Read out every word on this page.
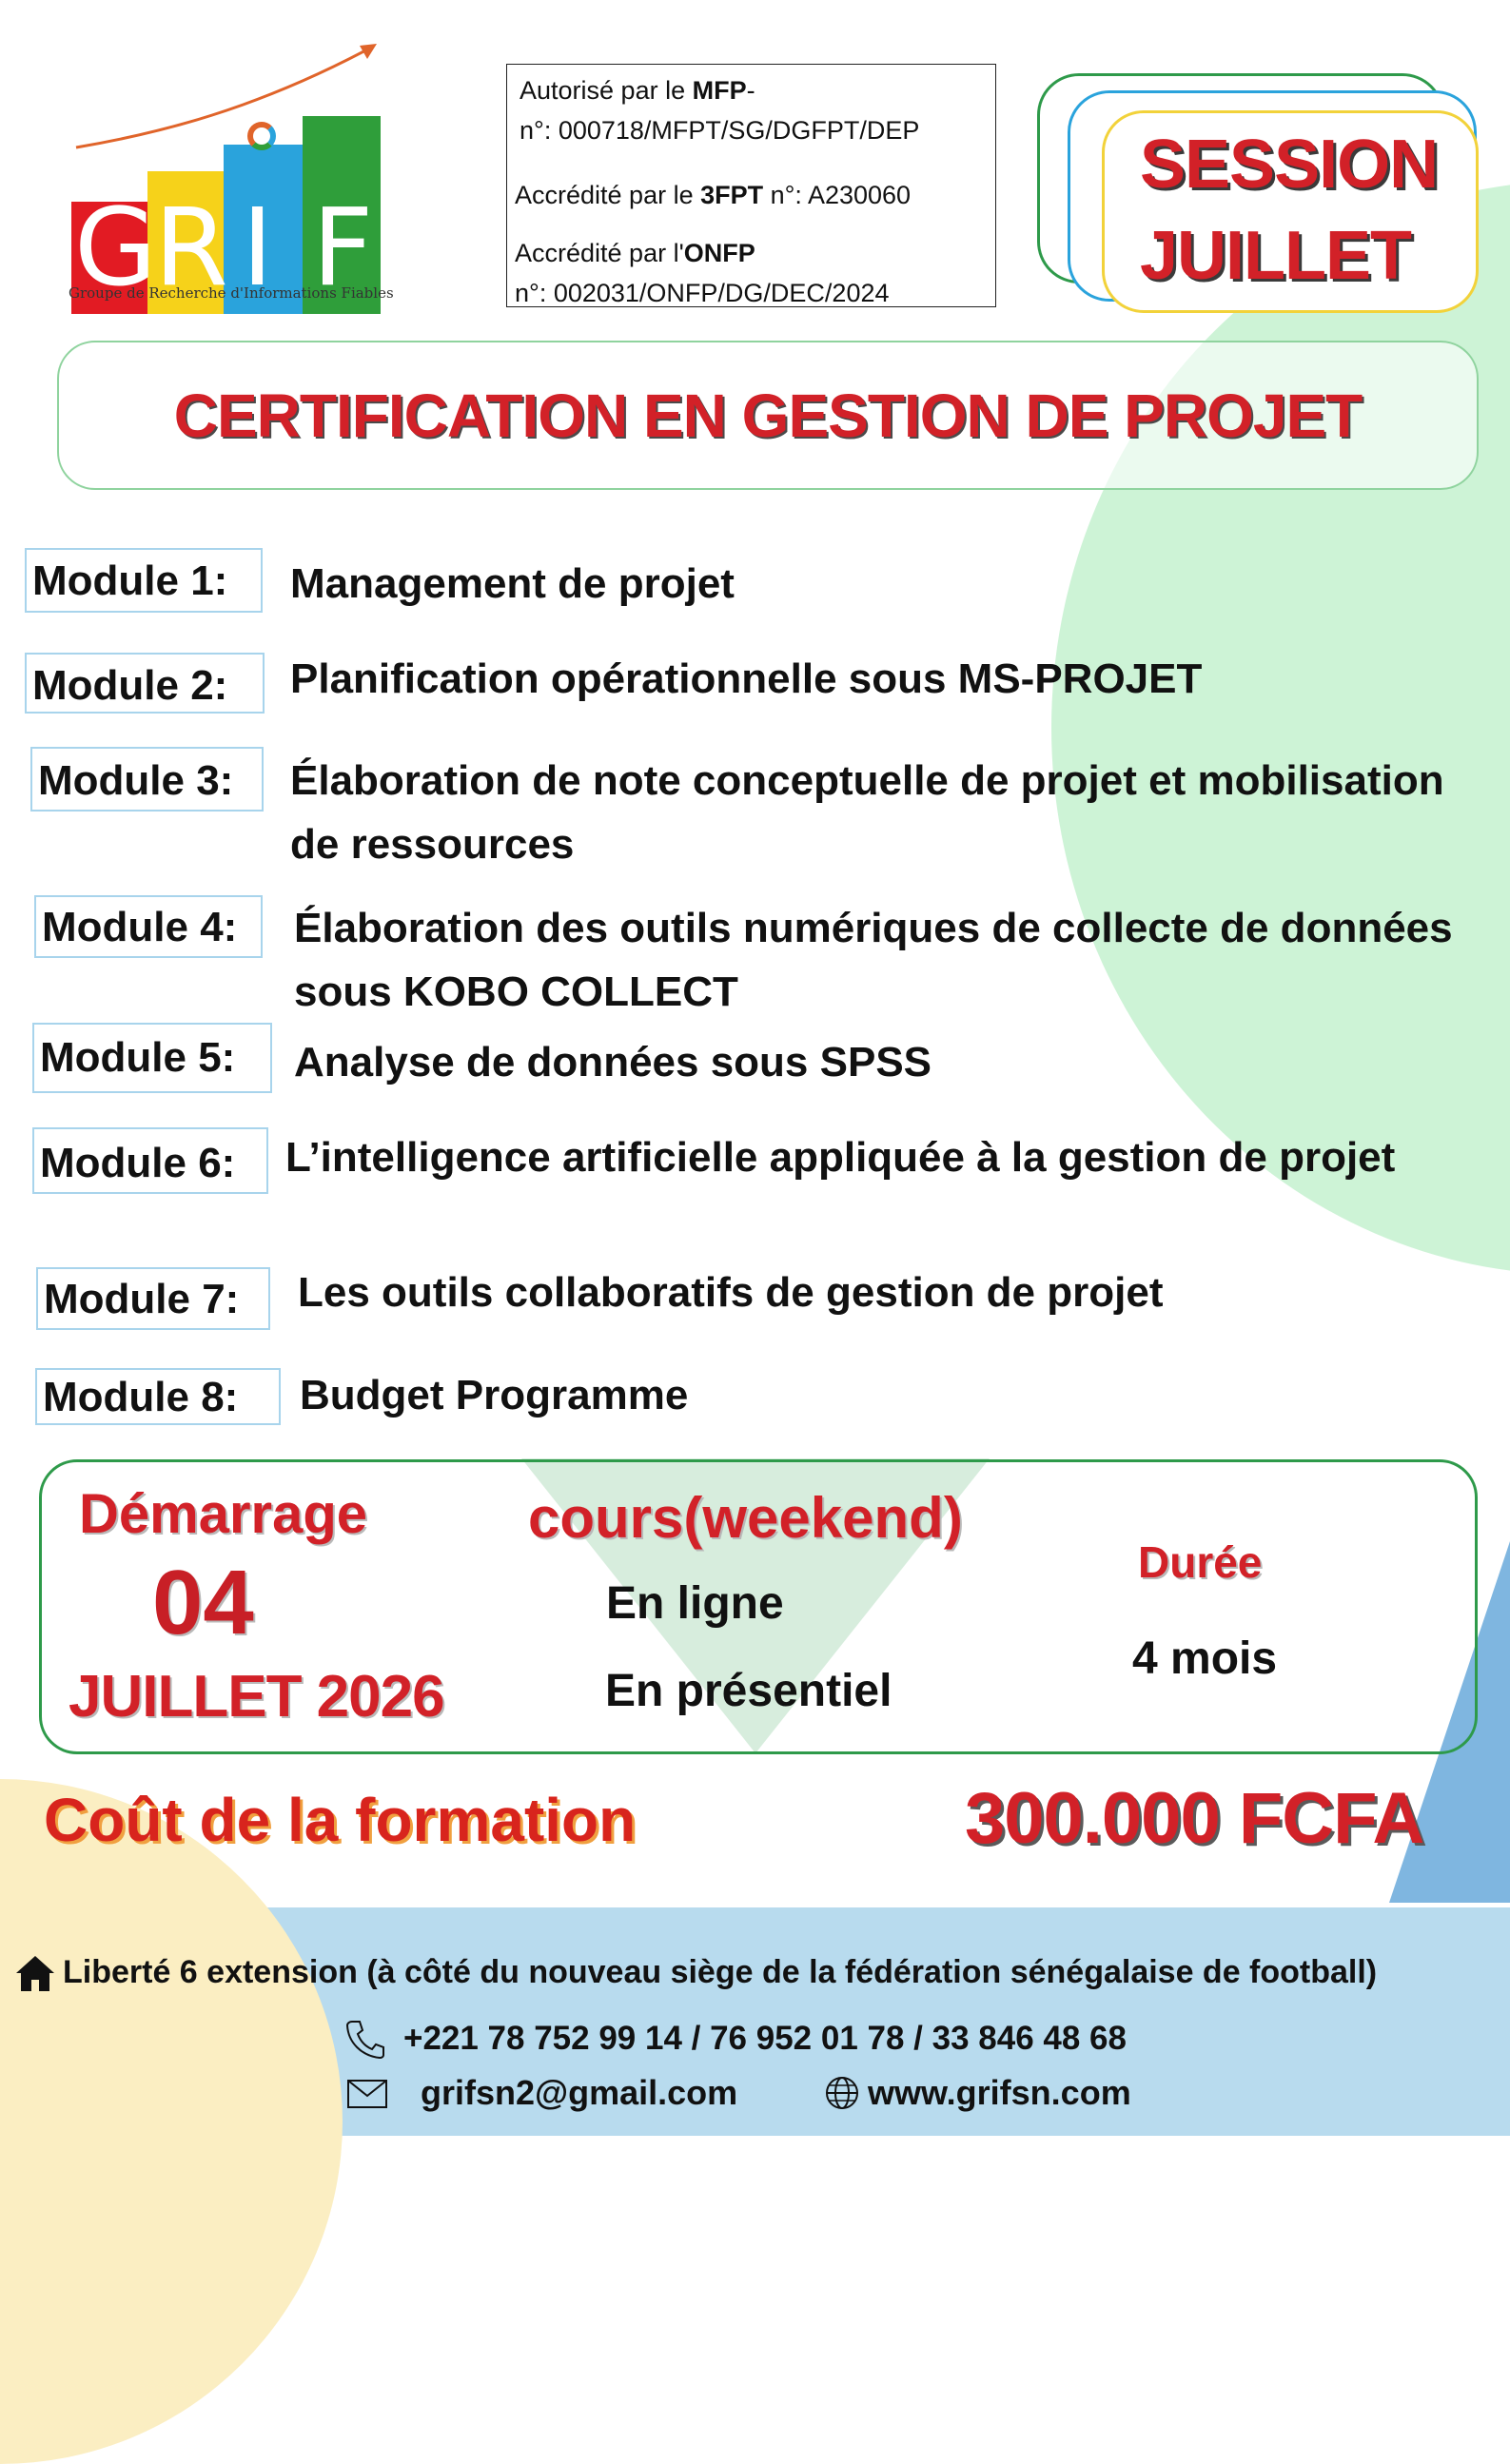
G
R I F
Groupe de Recherche d'Informations Fiables
Autorisé par le MFP-
n°: 000718/MFPT/SG/DGFPT/DEP
Accrédité par le 3FPT n°: A230060
Accrédité par l'ONFP
n°: 002031/ONFP/DG/DEC/2024
SESSION
JUILLET
CERTIFICATION EN GESTION DE PROJET
Module 1:	Management de projet
Module 2:	Planification opérationnelle sous MS-PROJET
Module 3:	Élaboration de note conceptuelle de projet et mobilisation de ressources
Module 4:	Élaboration des outils numériques de collecte de données sous KOBO COLLECT
Module 5:	Analyse de données sous SPSS
Module 6:	L’intelligence artificielle appliquée à la gestion de projet
Module 7:	Les outils collaboratifs de gestion de projet
Module 8:	Budget Programme
Démarrage
04
JUILLET 2026
cours(weekend)
En ligne
En présentiel
Durée
4 mois
Coût de la formation	300.000 FCFA
Liberté 6 extension (à côté du nouveau siège de la fédération sénégalaise de football)
+221 78 752 99 14 / 76 952 01 78 / 33 846 48 68
grifsn2@gmail.com	www.grifsn.com
